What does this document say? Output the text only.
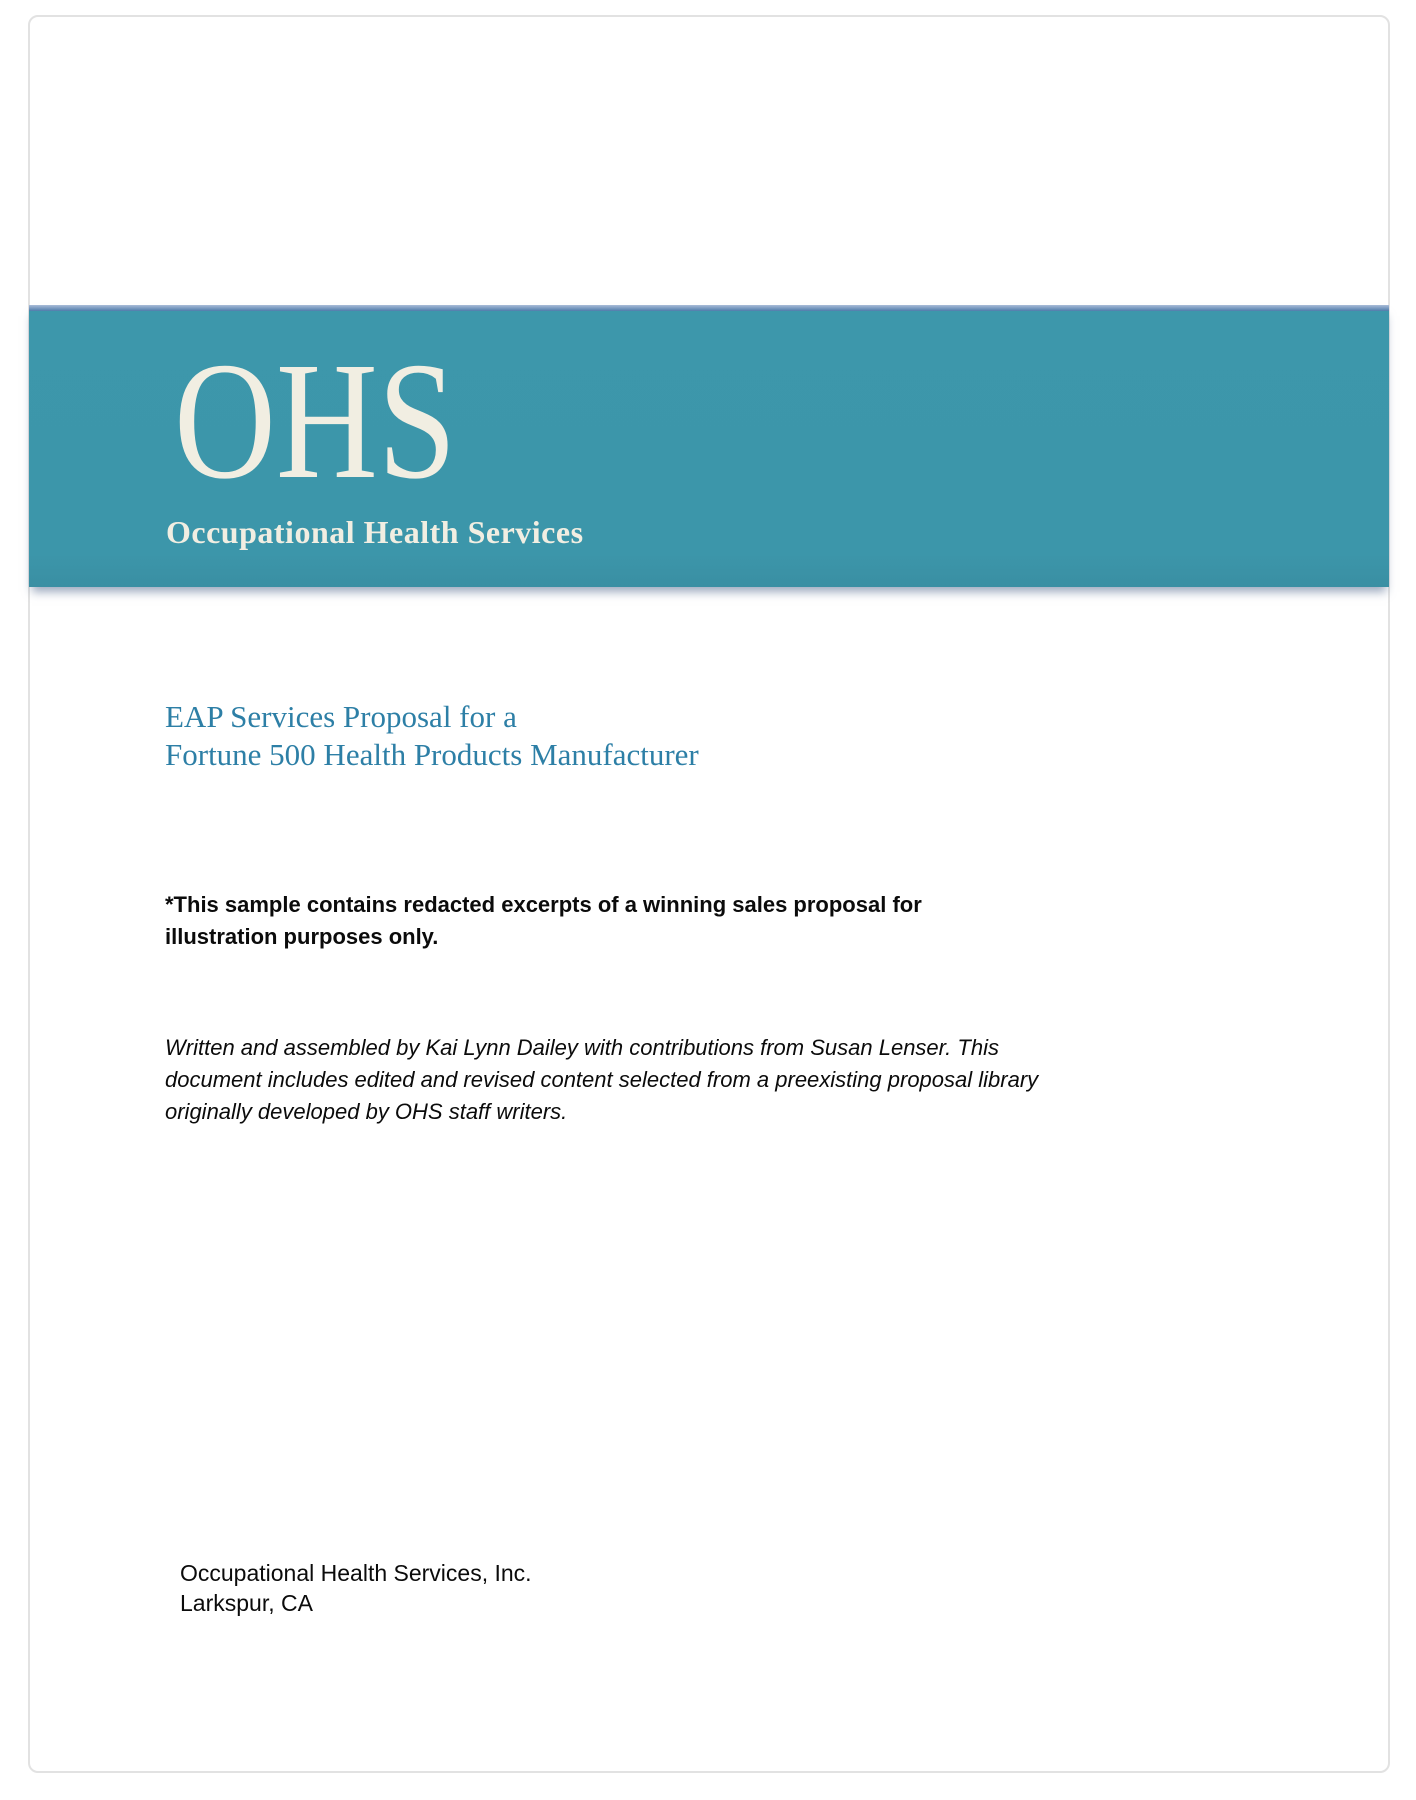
OHS
Occupational Health Services
EAP Services Proposal for a
Fortune 500 Health Products Manufacturer
*This sample contains redacted excerpts of a winning sales proposal for
illustration purposes only.
Written and assembled by Kai Lynn Dailey with contributions from Susan Lenser. This
document includes edited and revised content selected from a preexisting proposal library
originally developed by OHS staff writers.
Occupational Health Services, Inc.
Larkspur, CA
